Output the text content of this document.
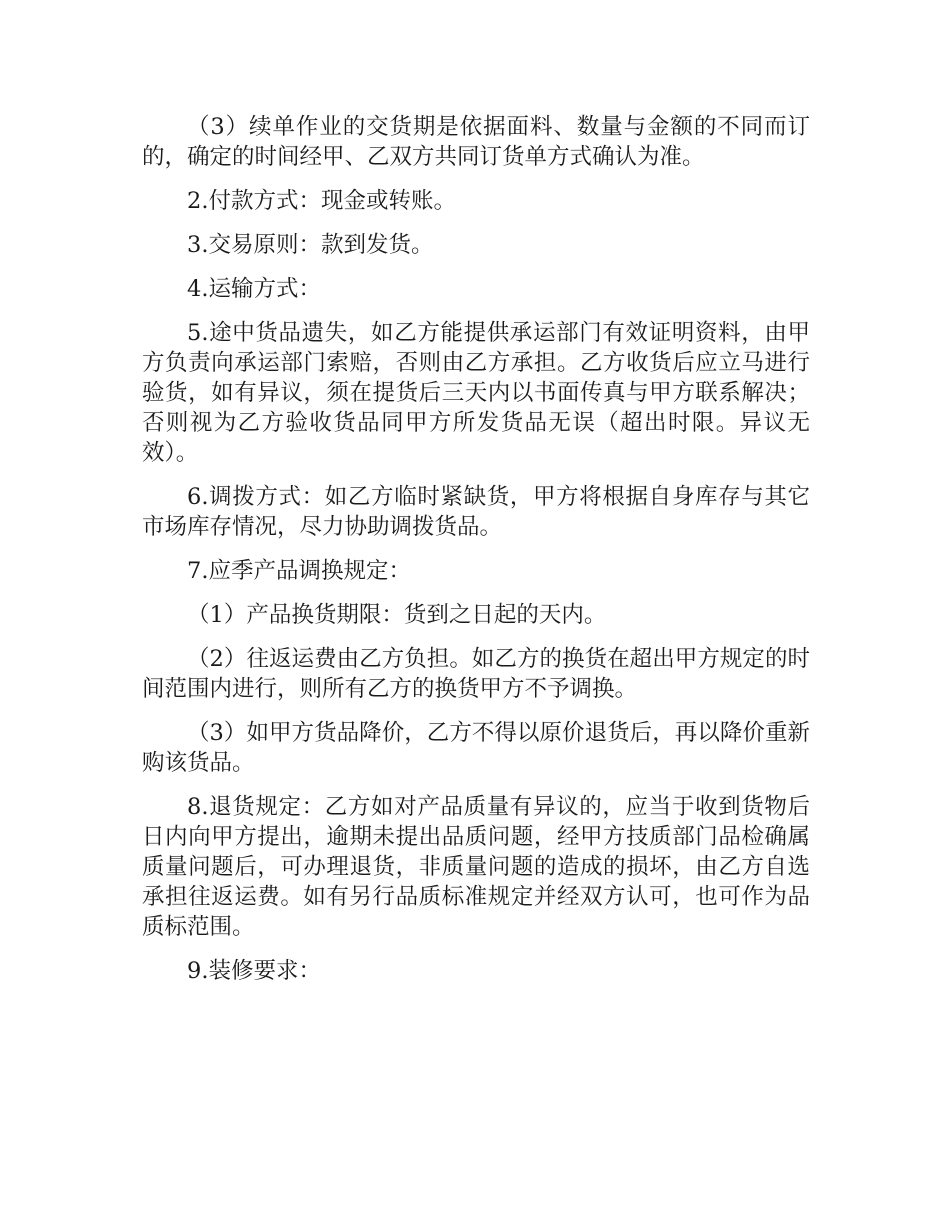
（3）续单作业的交货期是依据面料、数量与金额的不同而订的，确定的时间经甲、乙双方共同订货单方式确认为准。

2.付款方式：现金或转账。

3.交易原则：款到发货。

4.运输方式：

5.途中货品遗失，如乙方能提供承运部门有效证明资料，由甲方负责向承运部门索赔，否则由乙方承担。乙方收货后应立马进行验货，如有异议，须在提货后三天内以书面传真与甲方联系解决；否则视为乙方验收货品同甲方所发货品无误（超出时限。异议无效）。

6.调拨方式：如乙方临时紧缺货，甲方将根据自身库存与其它市场库存情况，尽力协助调拨货品。

7.应季产品调换规定：

（1）产品换货期限：货到之日起的天内。

（2）往返运费由乙方负担。如乙方的换货在超出甲方规定的时间范围内进行，则所有乙方的换货甲方不予调换。

（3）如甲方货品降价，乙方不得以原价退货后，再以降价重新购该货品。

8.退货规定：乙方如对产品质量有异议的，应当于收到货物后日内向甲方提出，逾期未提出品质问题，经甲方技质部门品检确属质量问题后，可办理退货，非质量问题的造成的损坏，由乙方自选承担往返运费。如有另行品质标准规定并经双方认可，也可作为品质标范围。

9.装修要求：
